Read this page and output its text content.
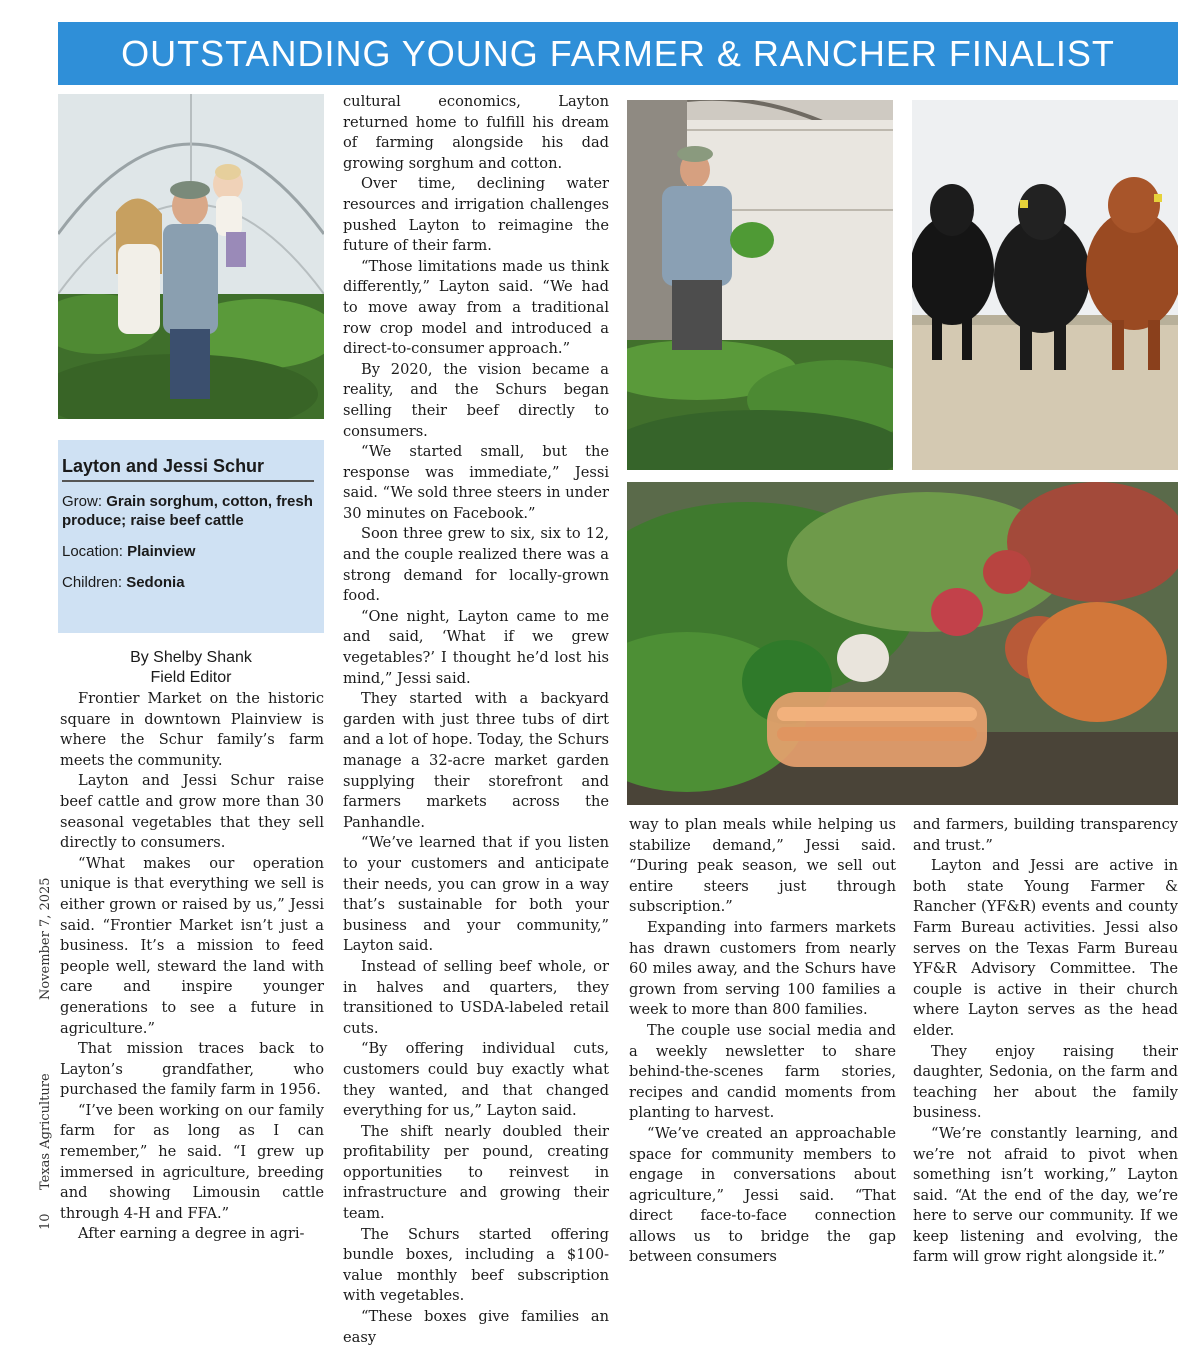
OUTSTANDING YOUNG FARMER & RANCHER FINALIST
Layton and Jessi Schur

Grow: Grain sorghum, cotton, fresh produce; raise beef cattle

Location: Plainview

Children: Sedonia

By Shelby Shank
Field Editor
10
Texas Agriculture
November 7, 2025

Frontier Market on the historic square in downtown Plainview is where the Schur family’s farm meets the community.

Layton and Jessi Schur raise beef cattle and grow more than 30 seasonal vegetables that they sell directly to consumers.

“What makes our operation unique is that everything we sell is either grown or raised by us,” Jessi said. “Frontier Market isn’t just a business. It’s a mission to feed people well, steward the land with care and inspire younger generations to see a future in agriculture.”

That mission traces back to Layton’s grandfather, who purchased the family farm in 1956.

“I’ve been working on our family farm for as long as I can remember,” he said. “I grew up immersed in agriculture, breeding and showing Limousin cattle through 4-H and FFA.”

After earning a degree in agri-

cultural economics, Layton returned home to fulfill his dream of farming alongside his dad growing sorghum and cotton.

Over time, declining water resources and irrigation challenges pushed Layton to reimagine the future of their farm.

“Those limitations made us think differently,” Layton said. “We had to move away from a traditional row crop model and introduced a direct-to-consumer approach.”

By 2020, the vision became a reality, and the Schurs began selling their beef directly to consumers.

“We started small, but the response was immediate,” Jessi said. “We sold three steers in under 30 minutes on Facebook.”

Soon three grew to six, six to 12, and the couple realized there was a strong demand for locally-grown food.

“One night, Layton came to me and said, ‘What if we grew vegetables?’ I thought he’d lost his mind,” Jessi said.

They started with a backyard garden with just three tubs of dirt and a lot of hope. Today, the Schurs manage a 32-acre market garden supplying their storefront and farmers markets across the Panhandle.

“We’ve learned that if you listen to your customers and anticipate their needs, you can grow in a way that’s sustainable for both your business and your community,” Layton said.

Instead of selling beef whole, or in halves and quarters, they transitioned to USDA-labeled retail cuts.

“By offering individual cuts, customers could buy exactly what they wanted, and that changed everything for us,” Layton said.

The shift nearly doubled their profitability per pound, creating opportunities to reinvest in infrastructure and growing their team.

The Schurs started offering bundle boxes, including a $100-value monthly beef subscription with vegetables.

“These boxes give families an easy

way to plan meals while helping us stabilize demand,” Jessi said. “During peak season, we sell out entire steers just through subscription.”

Expanding into farmers markets has drawn customers from nearly 60 miles away, and the Schurs have grown from serving 100 families a week to more than 800 families.

The couple use social media and a weekly newsletter to share behind-the-scenes farm stories, recipes and candid moments from planting to harvest.

“We’ve created an approachable space for community members to engage in conversations about agriculture,” Jessi said. “That direct face-to-face connection allows us to bridge the gap between consumers

and farmers, building transparency and trust.”

Layton and Jessi are active in both state Young Farmer & Rancher (YF&R) events and county Farm Bureau activities. Jessi also serves on the Texas Farm Bureau YF&R Advisory Committee. The couple is active in their church where Layton serves as the head elder.

They enjoy raising their daughter, Sedonia, on the farm and teaching her about the family business.

“We’re constantly learning, and we’re not afraid to pivot when something isn’t working,” Layton said. “At the end of the day, we’re here to serve our community. If we keep listening and evolving, the farm will grow right alongside it.”
